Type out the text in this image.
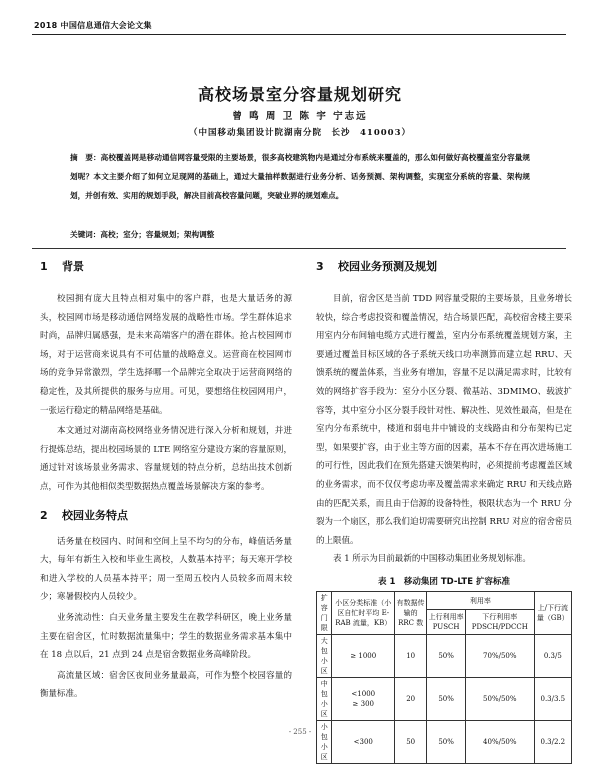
2018 中国信息通信大会论文集
高校场景室分容量规划研究
曾 鸣 周 卫 陈 宇 宁志远
（中国移动集团设计院湖南分院　长沙　410003）
摘　要：高校覆盖网是移动通信网容量受限的主要场景，很多高校建筑物内是通过分布系统来覆盖的，那么如何做好高校覆盖室分容量规划呢？本文主要介绍了如何立足现网的基础上，通过大量抽样数据进行业务分析、话务预测、架构调整，实现室分系统的容量、架构规划，并创有效、实用的规划手段，解决目前高校容量问题，突破业界的规划难点。
关键词：高校；室分；容量规划；架构调整
1 背景

校园拥有庞大且特点相对集中的客户群，也是大量话务的源头，校园网市场是移动通信网络发展的战略性市场。学生群体追求时尚，品牌归属感强，是未来高端客户的潜在群体。抢占校园网市场，对于运营商来说具有不可估量的战略意义。运营商在校园网市场的竞争异常激烈，学生选择哪一个品牌完全取决于运营商网络的稳定性，及其所提供的服务与应用。可见，要想络住校园网用户，一张运行稳定的精品网络是基础。

本文通过对湖南高校网络业务情况进行深入分析和规划，并进行提炼总结，提出校园场景的 LTE 网络室分建设方案的容量原则，通过针对该场景业务需求、容量规划的特点分析，总结出技术创新点，可作为其他相似类型数据热点覆盖场景解决方案的参考。

2 校园业务特点

话务量在校园内、时间和空间上呈不均匀的分布，峰值话务量大，每年有新生入校和毕业生离校，人数基本持平；每天寒开学校和进入学校的人员基本持平；周一至周五校内人员较多而周末较少；寒暑假校内人员较少。

业务流动性：白天业务量主要发生在教学科研区，晚上业务量主要在宿舍区，忙时数据流量集中；学生的数据业务需求基本集中在 18 点以后，21 点到 24 点是宿舍数据业务高峰阶段。

高流量区域：宿舍区夜间业务量最高，可作为整个校园容量的衡量标准。

3 校园业务预测及规划

目前，宿舍区是当前 TDD 网容量受限的主要场景，且业务增长较快，综合考虑投资和覆盖情况，结合场景匹配，高校宿舍楼主要采用室内分布间轴电缆方式进行覆盖，室内分布系统覆盖规划方案，主要通过覆盖目标区域的各子系统天线口功率测算而建立起 RRU、天馈系统的覆盖体系，当业务有增加，容量不足以满足需求时，比较有效的网络扩容手段为：室分小区分裂、微基站、3DMIMO、载波扩容等，其中室分小区分裂手段针对性、解决性、见效性最高，但是在室内分布系统中，楼道和弱电井中铺设的支线路由和分布架构已定型，如果要扩容，由于业主等方面的因素，基本不存在再次进场施工的可行性，因此我们在预先搭建天馈架构时，必须提前考虑覆盖区域的业务需求，而不仅仅考虑功率及覆盖需求来确定 RRU 和天线点路由的匹配关系，而且由于信源的设备特性，极限状态为一个 RRU 分裂为一个扇区，那么我们迫切需要研究出控制 RRU 对应的宿舍密员的上限值。

表 1 所示为目前最新的中国移动集团业务规划标准。

表 1　移动集团 TD-LTE 扩容标准
扩容门限	小区分类标准（小区自忙时平均 E-RAB 流量，KB）	有数据传输的RRC 数	利用率		上/下行流量（GB）
			上行利用率PUSCH	下行利用率 PDSCH/PDCCH	
大包小区	≥ 1000	10	50%	70%/50%	0.3/5
中包小区	<1000
≥ 300	20	50%	50%/50%	0.3/3.5
小包小区	<300	50	50%	40%/50%	0.3/2.2
- 255 -
